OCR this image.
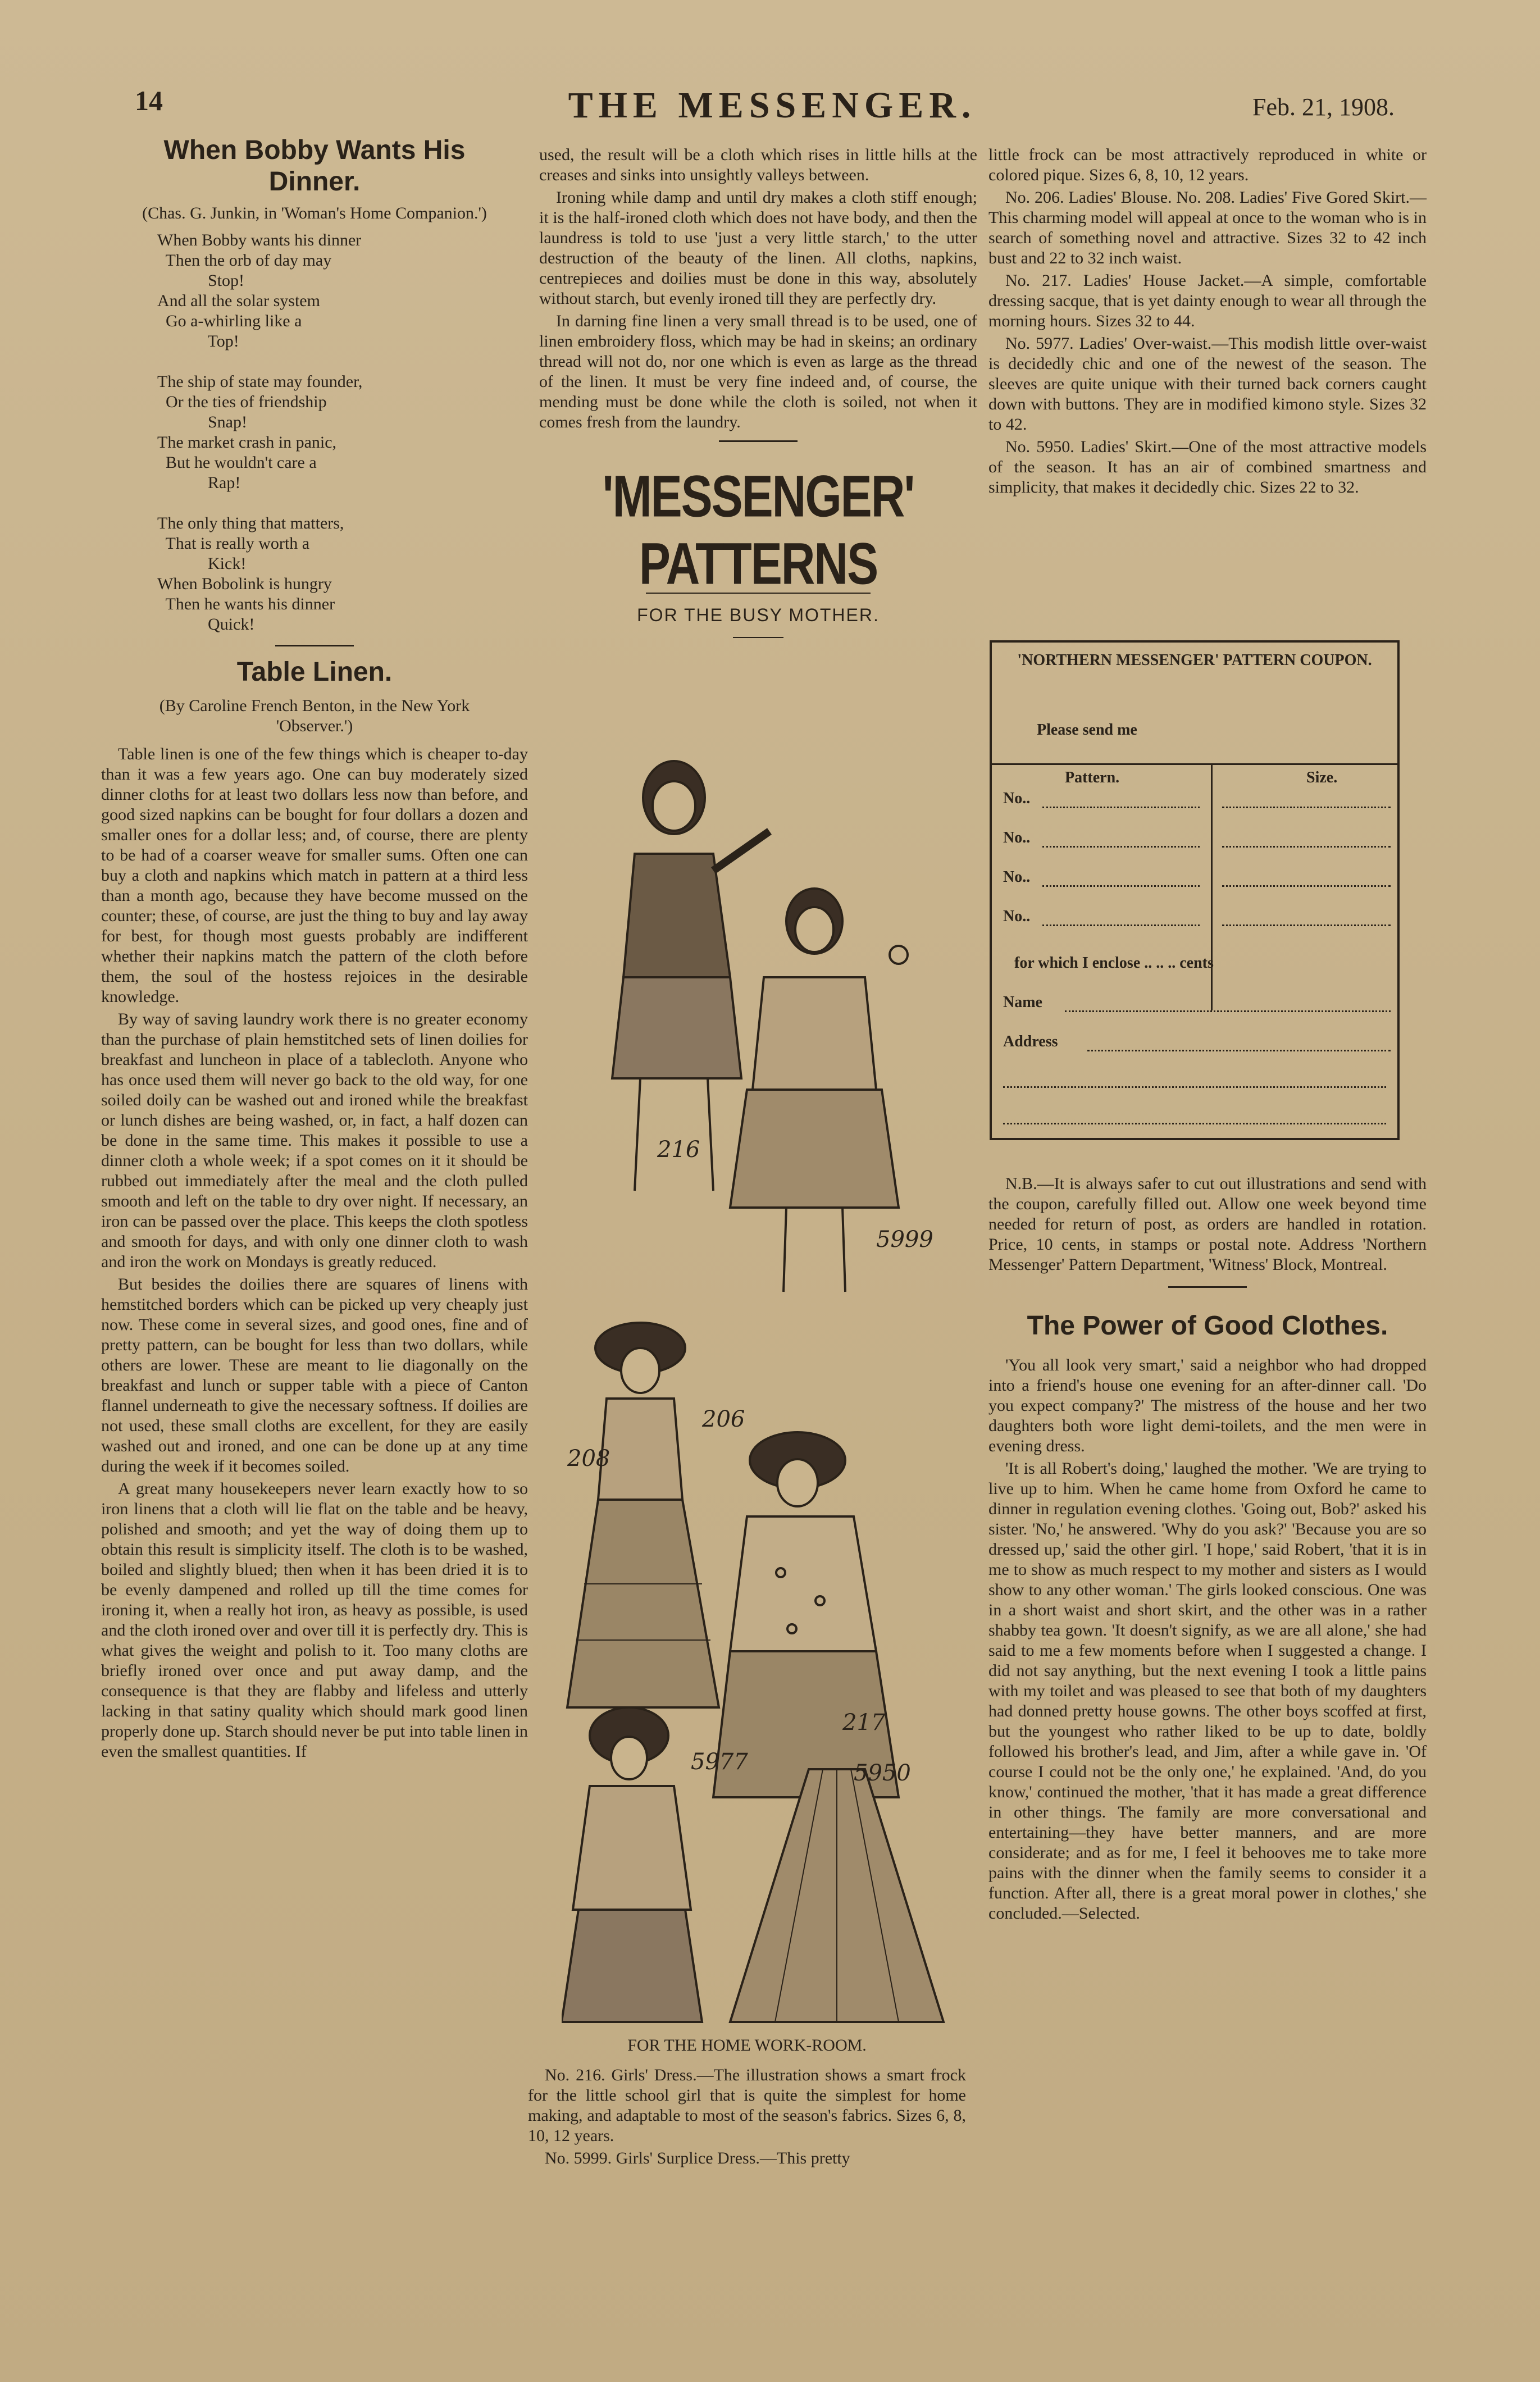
14	THE MESSENGER.	Feb. 21, 1908.
When Bobby Wants His Dinner.
(Chas. G. Junkin, in 'Woman's Home Companion.')

When Bobby wants his dinner

Then the orb of day may

Stop!

And all the solar system

Go a-whirling like a

Top!

The ship of state may founder,

Or the ties of friendship

Snap!

The market crash in panic,

But he wouldn't care a

Rap!

The only thing that matters,

That is really worth a

Kick!

When Bobolink is hungry

Then he wants his dinner

Quick!

Table Linen.
(By Caroline French Benton, in the New York 'Observer.')

Table linen is one of the few things which is cheaper to-day than it was a few years ago. One can buy moderately sized dinner cloths for at least two dollars less now than before, and good sized napkins can be bought for four dollars a dozen and smaller ones for a dollar less; and, of course, there are plenty to be had of a coarser weave for smaller sums. Often one can buy a cloth and napkins which match in pattern at a third less than a month ago, because they have become mussed on the counter; these, of course, are just the thing to buy and lay away for best, for though most guests probably are indifferent whether their napkins match the pattern of the cloth before them, the soul of the hostess rejoices in the desirable knowledge.

By way of saving laundry work there is no greater economy than the purchase of plain hemstitched sets of linen doilies for breakfast and luncheon in place of a tablecloth. Anyone who has once used them will never go back to the old way, for one soiled doily can be washed out and ironed while the breakfast or lunch dishes are being washed, or, in fact, a half dozen can be done in the same time. This makes it possible to use a dinner cloth a whole week; if a spot comes on it it should be rubbed out immediately after the meal and the cloth pulled smooth and left on the table to dry over night. If necessary, an iron can be passed over the place. This keeps the cloth spotless and smooth for days, and with only one dinner cloth to wash and iron the work on Mondays is greatly reduced.

But besides the doilies there are squares of linens with hemstitched borders which can be picked up very cheaply just now. These come in several sizes, and good ones, fine and of pretty pattern, can be bought for less than two dollars, while others are lower. These are meant to lie diagonally on the breakfast and lunch or supper table with a piece of Canton flannel underneath to give the necessary softness. If doilies are not used, these small cloths are excellent, for they are easily washed out and ironed, and one can be done up at any time during the week if it becomes soiled.

A great many housekeepers never learn exactly how to so iron linens that a cloth will lie flat on the table and be heavy, polished and smooth; and yet the way of doing them up to obtain this result is simplicity itself. The cloth is to be washed, boiled and slightly blued; then when it has been dried it is to be evenly dampened and rolled up till the time comes for ironing it, when a really hot iron, as heavy as possible, is used and the cloth ironed over and over till it is perfectly dry. This is what gives the weight and polish to it. Too many cloths are briefly ironed over once and put away damp, and the consequence is that they are flabby and lifeless and utterly lacking in that satiny quality which should mark good linen properly done up. Starch should never be put into table linen in even the smallest quantities. If

used, the result will be a cloth which rises in little hills at the creases and sinks into unsightly valleys between.

Ironing while damp and until dry makes a cloth stiff enough; it is the half-ironed cloth which does not have body, and then the laundress is told to use 'just a very little starch,' to the utter destruction of the beauty of the linen. All cloths, napkins, centrepieces and doilies must be done in this way, absolutely without starch, but evenly ironed till they are perfectly dry.

In darning fine linen a very small thread is to be used, one of linen embroidery floss, which may be had in skeins; an ordinary thread will not do, nor one which is even as large as the thread of the linen. It must be very fine indeed and, of course, the mending must be done while the cloth is soiled, not when it comes fresh from the laundry.

'MESSENGER' PATTERNS
FOR THE BUSY MOTHER.
216
5999
206
208
217
5977	5950
FOR THE HOME WORK-ROOM.

No. 216. Girls' Dress.—The illustration shows a smart frock for the little school girl that is quite the simplest for home making, and adaptable to most of the season's fabrics. Sizes 6, 8, 10, 12 years.

No. 5999. Girls' Surplice Dress.—This pretty

little frock can be most attractively reproduced in white or colored pique. Sizes 6, 8, 10, 12 years.

No. 206. Ladies' Blouse. No. 208. Ladies' Five Gored Skirt.—This charming model will appeal at once to the woman who is in search of something novel and attractive. Sizes 32 to 42 inch bust and 22 to 32 inch waist.

No. 217. Ladies' House Jacket.—A simple, comfortable dressing sacque, that is yet dainty enough to wear all through the morning hours. Sizes 32 to 44.

No. 5977. Ladies' Over-waist.—This modish little over-waist is decidedly chic and one of the newest of the season. The sleeves are quite unique with their turned back corners caught down with buttons. They are in modified kimono style. Sizes 32 to 42.

No. 5950. Ladies' Skirt.—One of the most attractive models of the season. It has an air of combined smartness and simplicity, that makes it decidedly chic. Sizes 22 to 32.

'NORTHERN MESSENGER' PATTERN COUPON.
Please send me
Pattern.	Size.
No..
No..
No..
No..
for which I enclose .. .. .. cents
Name
Address

N.B.—It is always safer to cut out illustrations and send with the coupon, carefully filled out. Allow one week beyond time needed for return of post, as orders are handled in rotation. Price, 10 cents, in stamps or postal note. Address 'Northern Messenger' Pattern Department, 'Witness' Block, Montreal.

The Power of Good Clothes.

'You all look very smart,' said a neighbor who had dropped into a friend's house one evening for an after-dinner call. 'Do you expect company?' The mistress of the house and her two daughters both wore light demi-toilets, and the men were in evening dress.

'It is all Robert's doing,' laughed the mother. 'We are trying to live up to him. When he came home from Oxford he came to dinner in regulation evening clothes. 'Going out, Bob?' asked his sister. 'No,' he answered. 'Why do you ask?' 'Because you are so dressed up,' said the other girl. 'I hope,' said Robert, 'that it is in me to show as much respect to my mother and sisters as I would show to any other woman.' The girls looked conscious. One was in a short waist and short skirt, and the other was in a rather shabby tea gown. 'It doesn't signify, as we are all alone,' she had said to me a few moments before when I suggested a change. I did not say anything, but the next evening I took a little pains with my toilet and was pleased to see that both of my daughters had donned pretty house gowns. The other boys scoffed at first, but the youngest who rather liked to be up to date, boldly followed his brother's lead, and Jim, after a while gave in. 'Of course I could not be the only one,' he explained. 'And, do you know,' continued the mother, 'that it has made a great difference in other things. The family are more conversational and entertaining—they have better manners, and are more considerate; and as for me, I feel it behooves me to take more pains with the dinner when the family seems to consider it a function. After all, there is a great moral power in clothes,' she concluded.—Selected.
